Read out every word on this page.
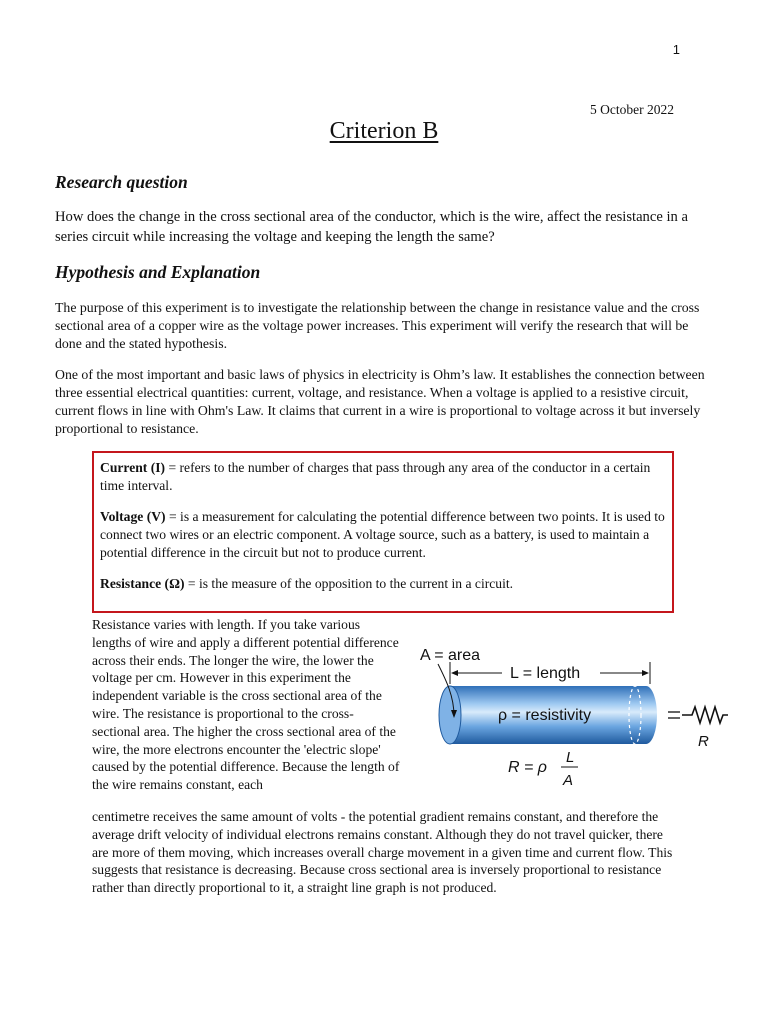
1
5 October 2022
Criterion B
Research question

How does the change in the cross sectional area of the conductor, which is the wire, affect the resistance in a series circuit while increasing the voltage and keeping the length the same?

Hypothesis and Explanation

The purpose of this experiment is to investigate the relationship between the change in resistance value and the cross sectional area of a copper wire as the voltage power increases. This experiment will verify the research that will be done and the stated hypothesis.

One of the most important and basic laws of physics in electricity is Ohm’s law. It establishes the connection between three essential electrical quantities: current, voltage, and resistance. When a voltage is applied to a resistive circuit, current flows in line with Ohm's Law. It claims that current in a wire is proportional to voltage across it but inversely proportional to resistance.

Current (I) = refers to the number of charges that pass through any area of the conductor in a certain time interval.

Voltage (V) = is a measurement for calculating the potential difference between two points. It is used to connect two wires or an electric component. A voltage source, such as a battery, is used to maintain a potential difference in the circuit but not to produce current.

Resistance (Ω) = is the measure of the opposition to the current in a circuit.

Resistance varies with length. If you take various lengths of wire and apply a different potential difference across their ends. The longer the wire, the lower the voltage per cm. However in this experiment the independent variable is the cross sectional area of the wire. The resistance is proportional to the cross-sectional area. The higher the cross sectional area of the wire, the more electrons encounter the 'electric slope' caused by the potential difference. Because the length of the wire remains constant, each

centimetre receives the same amount of volts - the potential gradient remains constant, and therefore the average drift velocity of individual electrons remains constant. Although they do not travel quicker, there are more of them moving, which increases overall charge movement in a given time and current flow. This suggests that resistance is decreasing. Because cross sectional area is inversely proportional to resistance rather than directly proportional to it, a straight line graph is not produced.

A = area
L = length
ρ = resistivity
R
R = ρ
L
A
